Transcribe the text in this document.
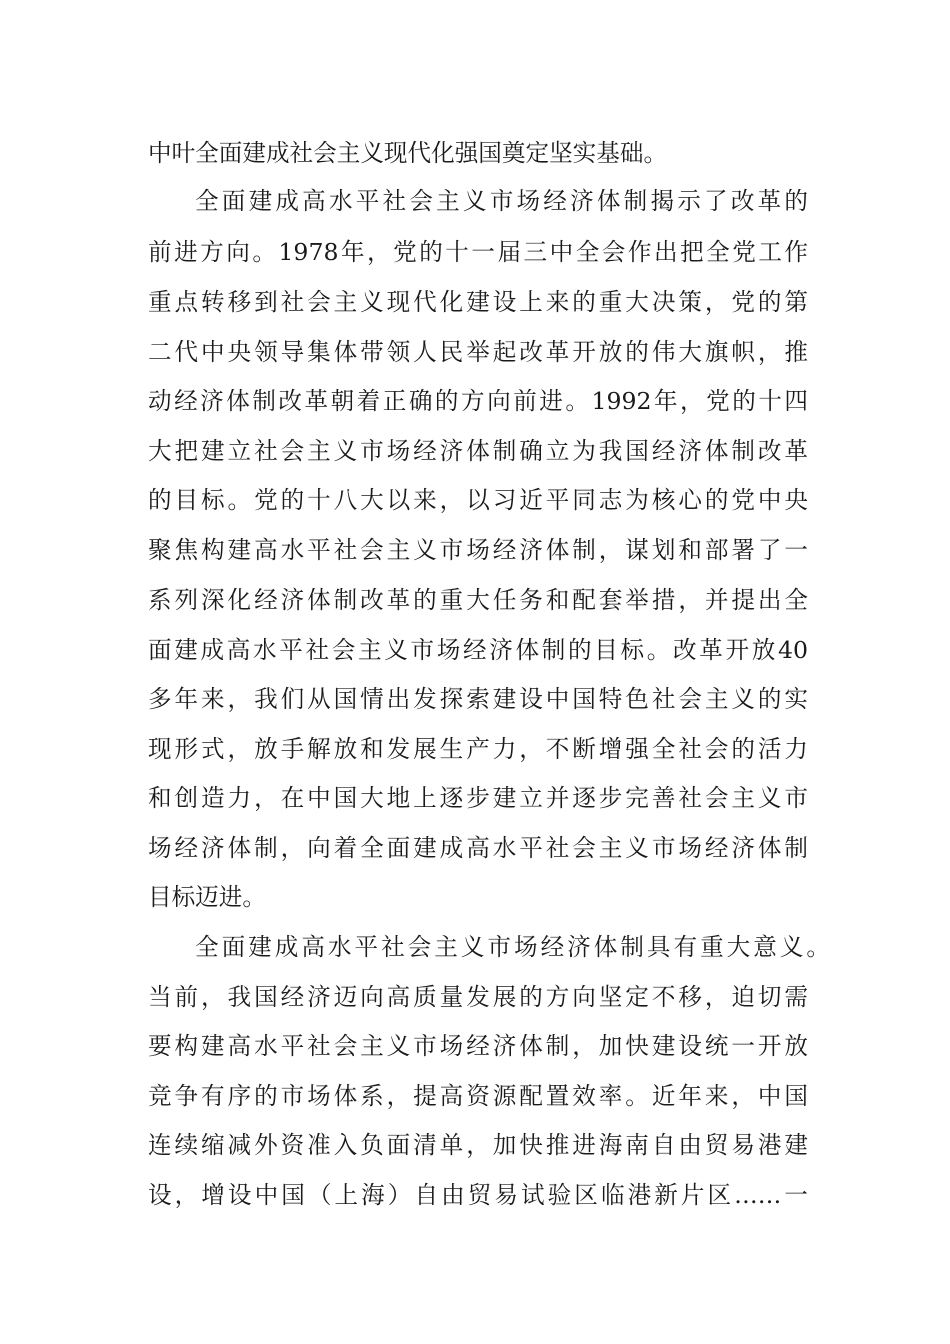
中叶全面建成社会主义现代化强国奠定坚实基础。
全面建成高水平社会主义市场经济体制揭示了改革的
前进方向。1978年，党的十一届三中全会作出把全党工作
重点转移到社会主义现代化建设上来的重大决策，党的第
二代中央领导集体带领人民举起改革开放的伟大旗帜，推
动经济体制改革朝着正确的方向前进。1992年，党的十四
大把建立社会主义市场经济体制确立为我国经济体制改革
的目标。党的十八大以来，以习近平同志为核心的党中央
聚焦构建高水平社会主义市场经济体制，谋划和部署了一
系列深化经济体制改革的重大任务和配套举措，并提出全
面建成高水平社会主义市场经济体制的目标。改革开放40
多年来，我们从国情出发探索建设中国特色社会主义的实
现形式，放手解放和发展生产力，不断增强全社会的活力
和创造力，在中国大地上逐步建立并逐步完善社会主义市
场经济体制，向着全面建成高水平社会主义市场经济体制
目标迈进。
全面建成高水平社会主义市场经济体制具有重大意义。
当前，我国经济迈向高质量发展的方向坚定不移，迫切需
要构建高水平社会主义市场经济体制，加快建设统一开放
竞争有序的市场体系，提高资源配置效率。近年来，中国
连续缩减外资准入负面清单，加快推进海南自由贸易港建
设，增设中国（上海）自由贸易试验区临港新片区……一
